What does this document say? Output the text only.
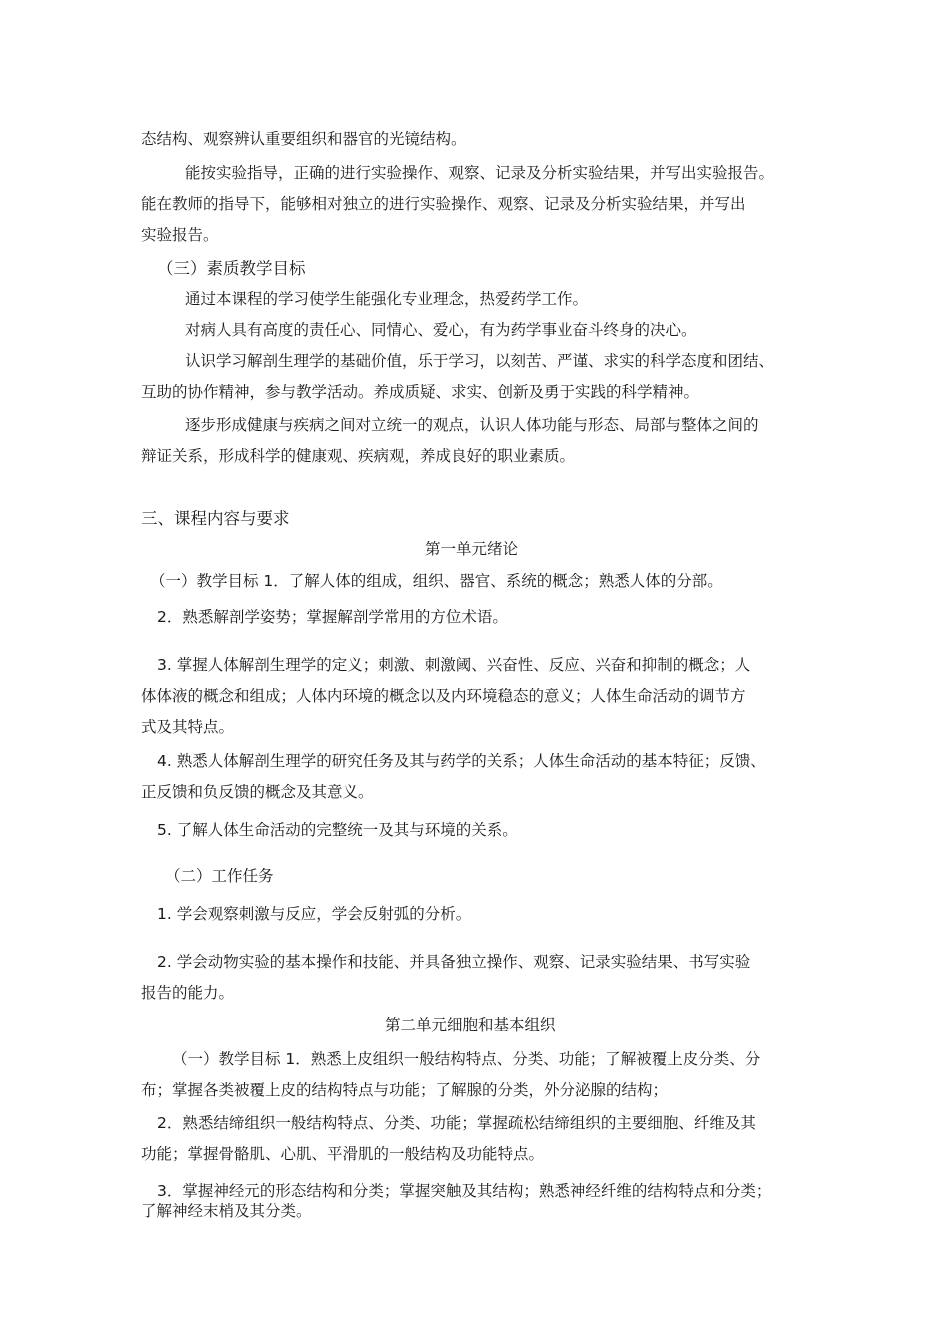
态结构、观察辨认重要组织和器官的光镜结构。
能按实验指导，正确的进行实验操作、观察、记录及分析实验结果，并写出实验报告。
能在教师的指导下，能够相对独立的进行实验操作、观察、记录及分析实验结果，并写出
实验报告。
（三）素质教学目标
通过本课程的学习使学生能强化专业理念，热爱药学工作。
对病人具有高度的责任心、同情心、爱心，有为药学事业奋斗终身的决心。
认识学习解剖生理学的基础价值，乐于学习，以刻苦、严谨、求实的科学态度和团结、
互助的协作精神，参与教学活动。养成质疑、求实、创新及勇于实践的科学精神。
逐步形成健康与疾病之间对立统一的观点，认识人体功能与形态、局部与整体之间的
辩证关系，形成科学的健康观、疾病观，养成良好的职业素质。
三、课程内容与要求
第一单元绪论
（一）教学目标 1．了解人体的组成，组织、器官、系统的概念；熟悉人体的分部。
2．熟悉解剖学姿势；掌握解剖学常用的方位术语。
3. 掌握人体解剖生理学的定义；刺激、刺激阈、兴奋性、反应、兴奋和抑制的概念；人
体体液的概念和组成；人体内环境的概念以及内环境稳态的意义；人体生命活动的调节方
式及其特点。
4. 熟悉人体解剖生理学的研究任务及其与药学的关系；人体生命活动的基本特征；反馈、
正反馈和负反馈的概念及其意义。
5. 了解人体生命活动的完整统一及其与环境的关系。
（二）工作任务
1. 学会观察刺激与反应，学会反射弧的分析。
2. 学会动物实验的基本操作和技能、并具备独立操作、观察、记录实验结果、书写实验
报告的能力。
第二单元细胞和基本组织
（一）教学目标 1．熟悉上皮组织一般结构特点、分类、功能；了解被覆上皮分类、分
布；掌握各类被覆上皮的结构特点与功能；了解腺的分类，外分泌腺的结构；
2．熟悉结缔组织一般结构特点、分类、功能；掌握疏松结缔组织的主要细胞、纤维及其
功能；掌握骨骼肌、心肌、平滑肌的一般结构及功能特点。
3．掌握神经元的形态结构和分类；掌握突触及其结构；熟悉神经纤维的结构特点和分类；
了解神经末梢及其分类。
